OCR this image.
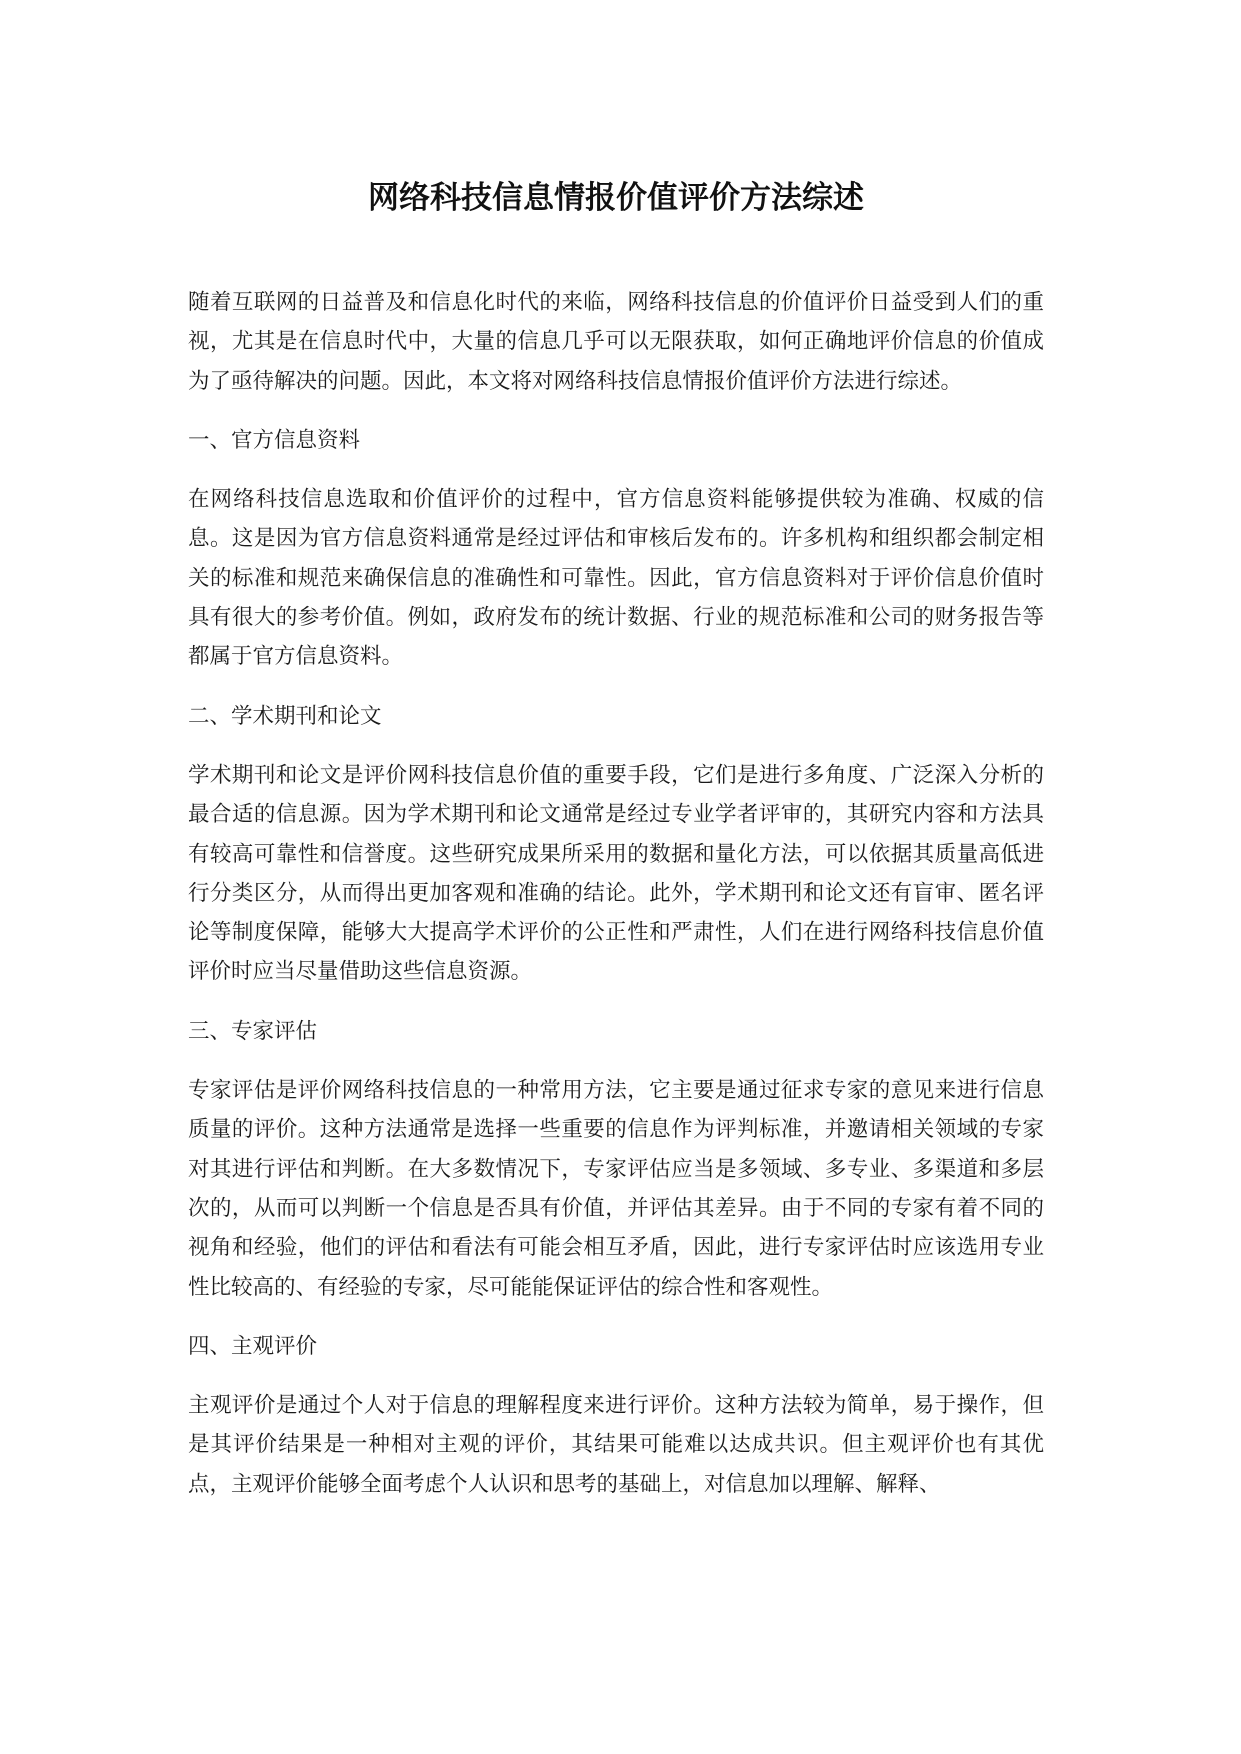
网络科技信息情报价值评价方法综述

随着互联网的日益普及和信息化时代的来临，网络科技信息的价值评价日益受到人们的重视，尤其是在信息时代中，大量的信息几乎可以无限获取，如何正确地评价信息的价值成为了亟待解决的问题。因此，本文将对网络科技信息情报价值评价方法进行综述。

一、官方信息资料

在网络科技信息选取和价值评价的过程中，官方信息资料能够提供较为准确、权威的信息。这是因为官方信息资料通常是经过评估和审核后发布的。许多机构和组织都会制定相关的标准和规范来确保信息的准确性和可靠性。因此，官方信息资料对于评价信息价值时具有很大的参考价值。例如，政府发布的统计数据、行业的规范标准和公司的财务报告等都属于官方信息资料。

二、学术期刊和论文

学术期刊和论文是评价网科技信息价值的重要手段，它们是进行多角度、广泛深入分析的最合适的信息源。因为学术期刊和论文通常是经过专业学者评审的，其研究内容和方法具有较高可靠性和信誉度。这些研究成果所采用的数据和量化方法，可以依据其质量高低进行分类区分，从而得出更加客观和准确的结论。此外，学术期刊和论文还有盲审、匿名评论等制度保障，能够大大提高学术评价的公正性和严肃性，人们在进行网络科技信息价值评价时应当尽量借助这些信息资源。

三、专家评估

专家评估是评价网络科技信息的一种常用方法，它主要是通过征求专家的意见来进行信息质量的评价。这种方法通常是选择一些重要的信息作为评判标准，并邀请相关领域的专家对其进行评估和判断。在大多数情况下，专家评估应当是多领域、多专业、多渠道和多层次的，从而可以判断一个信息是否具有价值，并评估其差异。由于不同的专家有着不同的视角和经验，他们的评估和看法有可能会相互矛盾，因此，进行专家评估时应该选用专业性比较高的、有经验的专家，尽可能能保证评估的综合性和客观性。

四、主观评价

主观评价是通过个人对于信息的理解程度来进行评价。这种方法较为简单，易于操作，但是其评价结果是一种相对主观的评价，其结果可能难以达成共识。但主观评价也有其优点，主观评价能够全面考虑个人认识和思考的基础上，对信息加以理解、解释、
